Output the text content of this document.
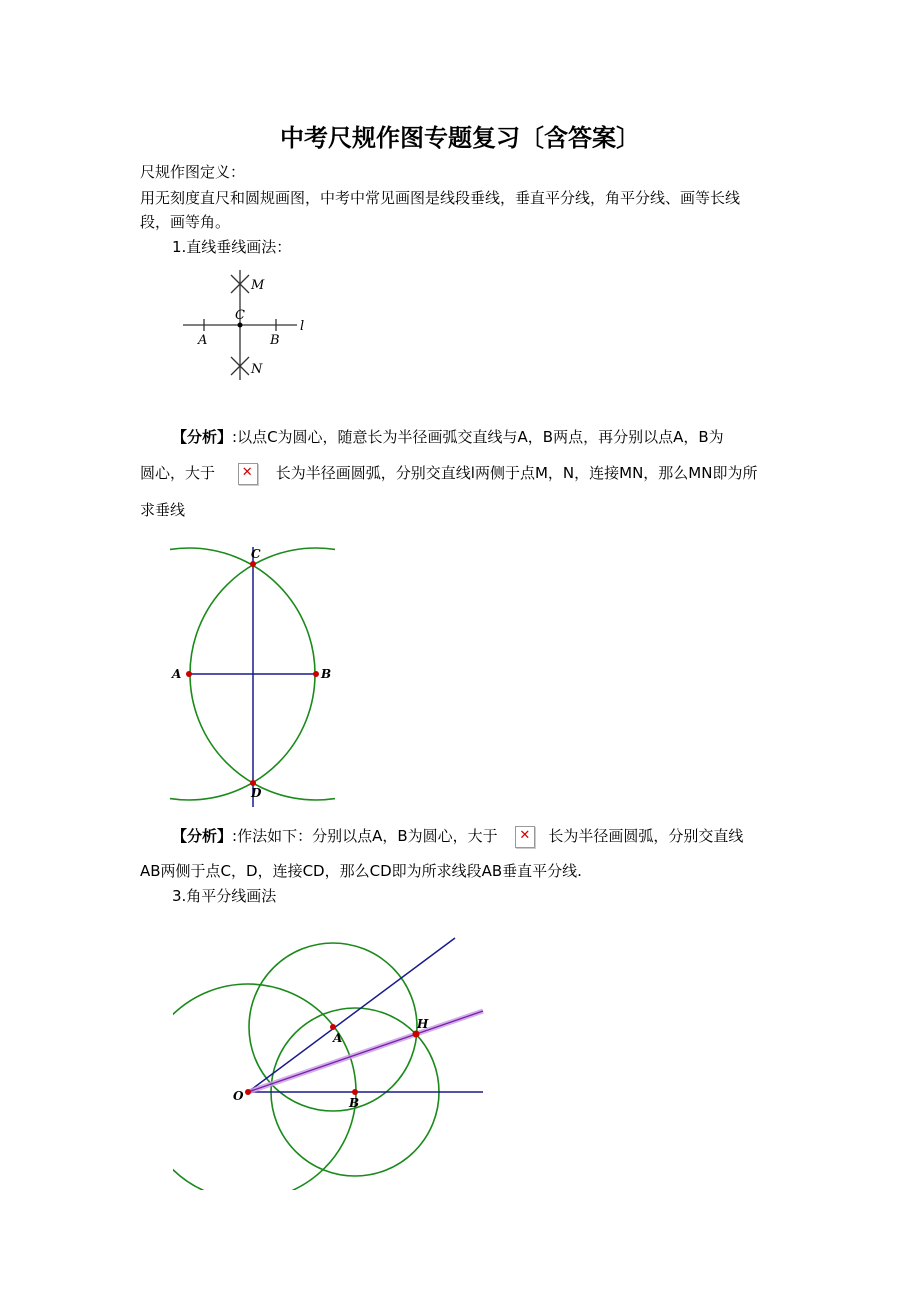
中考尺规作图专题复习〔含答案〕
尺规作图定义：
用无刻度直尺和圆规画图，中考中常见画图是线段垂线，垂直平分线，角平分线、画等长线
段，画等角。
1.直线垂线画法：
M
C
l
A	B
N
【分析】:以点C为圆心，随意长为半径画弧交直线与A，B两点，再分别以点A，B为
圆心，大于 ✕ 长为半径画圆弧，分别交直线l两侧于点M，N，连接MN，那么MN即为所
求垂线
C
A	B
D
【分析】:作法如下：分别以点A，B为圆心，大于 ✕ 长为半径画圆弧，分别交直线
AB两侧于点C，D，连接CD，那么CD即为所求线段AB垂直平分线.
3.角平分线画法
O
A
B
H
